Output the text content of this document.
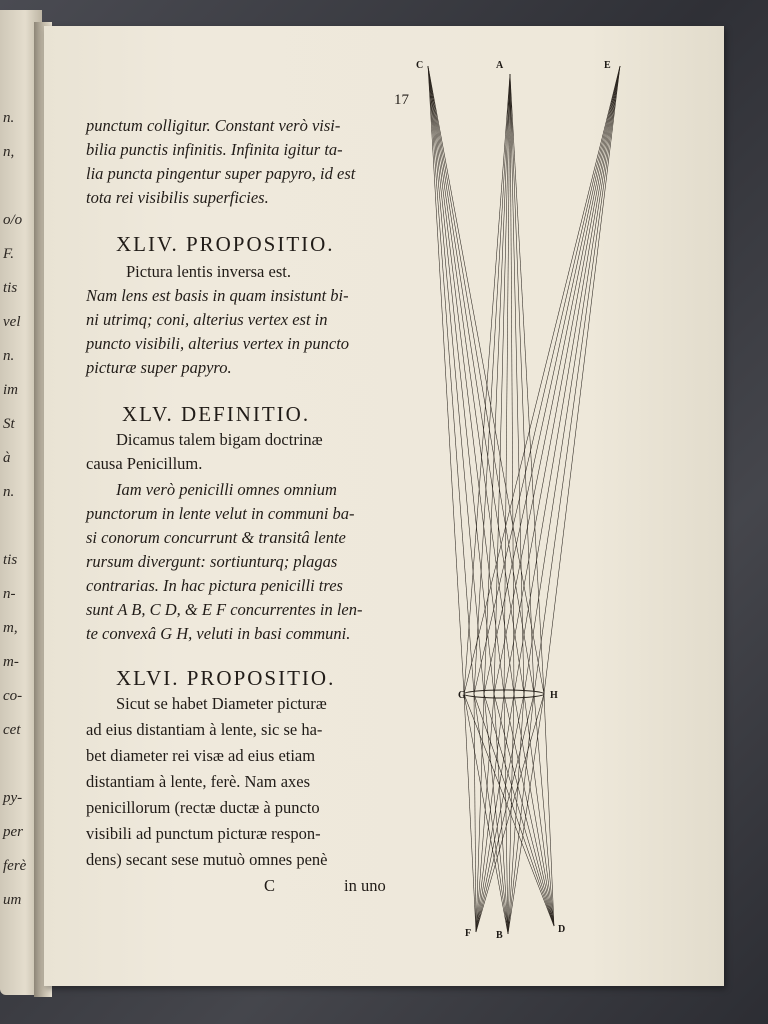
n.
n,
o/o
F.
tis
vel
n.
im
St
à
n.
tis
n-
m,
m-
co-
cet
py-
per
ferè
um
17
punctum colligitur. Constant verò visi-
bilia punctis infinitis. Infinita igitur ta-
lia puncta pingentur super papyro, id est
tota rei visibilis superficies.
XLIV. PROPOSITIO.
Pictura lentis inversa est.
Nam lens est basis in quam insistunt bi-
ni utrimq; coni, alterius vertex est in
puncto visibili, alterius vertex in puncto
picturæ super papyro.
XLV. DEFINITIO.
Dicamus talem bigam doctrinæ
causa Penicillum.
Iam verò penicilli omnes omnium
punctorum in lente velut in communi ba-
si conorum concurrunt & transitâ lente
rursum divergunt: sortiunturq; plagas
contrarias. In hac pictura penicilli tres
sunt A B, C D, & E F concurrentes in len-
te convexâ G H, veluti in basi communi.
XLVI. PROPOSITIO.
Sicut se habet Diameter picturæ
ad eius distantiam à lente, sic se ha-
bet diameter rei visæ ad eius etiam
distantiam à lente, ferè. Nam axes
penicillorum (rectæ ductæ à puncto
visibili ad punctum picturæ respon-
dens) secant sese mutuò omnes penè
C	in uno
C	A	E
G	H
F B
D
